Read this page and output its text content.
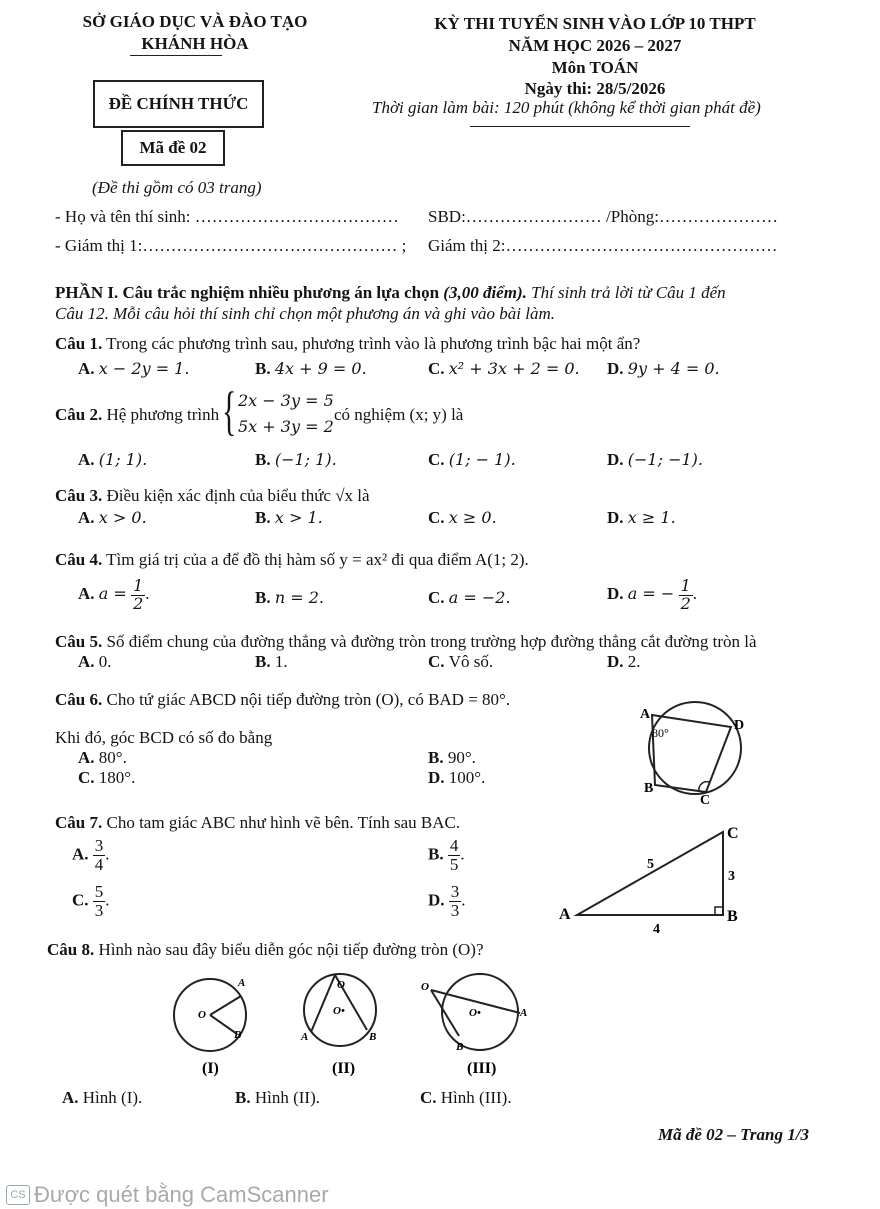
SỞ GIÁO DỤC VÀ ĐÀO TẠO
KHÁNH HÒA
KỲ THI TUYỂN SINH VÀO LỚP 10 THPT
NĂM HỌC 2026 – 2027
Môn TOÁN
Ngày thi: 28/5/2026
Thời gian làm bài: 120 phút (không kể thời gian phát đề)
ĐỀ CHÍNH THỨC
Mã đề 02
(Đề thi gồm có 03 trang)
- Họ và tên thí sinh: ……………………………… SBD:…………………… /Phòng:…………………
- Giám thị 1:……………………………………… ; Giám thị 2:…………………………………………
PHẦN I. Câu trắc nghiệm nhiều phương án lựa chọn (3,00 điểm). Thí sinh trả lời từ Câu 1 đến
Câu 12. Mỗi câu hỏi thí sinh chỉ chọn một phương án và ghi vào bài làm.
Câu 1. Trong các phương trình sau, phương trình vào là phương trình bậc hai một ẩn?
A. x − 2y = 1.	B. 4x + 9 = 0.	C. x² + 3x + 2 = 0. D. 9y + 4 = 0.
Câu 2. Hệ phương trình { 2x − 3y = 5
5x + 3y = 2
có nghiệm (x; y) là
A. (1; 1).	B. (−1; 1).	C. (1; − 1).	D. (−1; −1).
Câu 3. Điều kiện xác định của biểu thức √x là
A. x > 0.	B. x > 1.	C. x ≥ 0.	D. x ≥ 1.
Câu 4. Tìm giá trị của a để đồ thị hàm số y = ax² đi qua điểm A(1; 2).
A. $a = \frac{1}{2}$ .	B. n = 2.	C. a = −2.	D. a = − $\frac{1}{2}$ .
Câu 5. Số điểm chung của đường thẳng và đường tròn trong trường hợp đường thẳng cắt đường tròn là
A. 0.	B. 1.	C. Vô số.	D. 2.
Câu 6. Cho tứ giác ABCD nội tiếp đường tròn (O), có BAD = 80°.
Khi đó, góc BCD có số đo bằng
A. 80°.	B. 90°.
C. 180°.	D. 100°.
A
D
B
C
80°
Câu 7. Cho tam giác ABC như hình vẽ bên. Tính sau BAC.
A. $\frac{3}{4}$ .	B. $\frac{4}{5}$ .
C. $\frac{5}{3}$ .	D. $\frac{3}{3}$ .
A	B
C
4
3
5
Câu 8. Hình nào sau đây biểu diễn góc nội tiếp đường tròn (O)?
O
A
B
O
O•
A	B
O
O•	A
B
(I)	(II)	(III)
A. Hình (I).	B. Hình (II).	C. Hình (III).
Mã đề 02 – Trang 1/3
CS Được quét bằng CamScanner
